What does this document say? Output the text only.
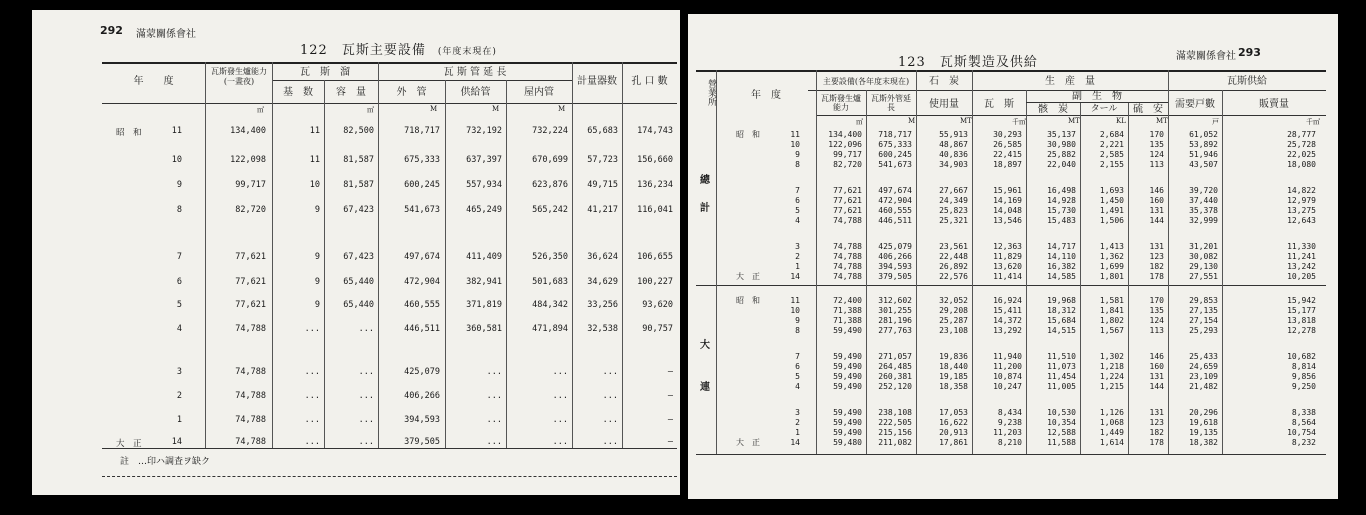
292 滿蒙關係會社
122 瓦斯主要設備 (年度末現在)
年　　度
瓦斯發生爐能力(一晝夜)
瓦　斯　溜
基　数	容　量
瓦 斯 管 延 長
外　管	供給管	屋内管
計量器数	孔 口 數
㎥	㎥	M	M	M
昭　和	11	134,400	11	82,500	718,717	732,192	732,224	65,683	174,743
10	122,098	11	81,587	675,333	637,397	670,699	57,723	156,660
9	99,717	10	81,587	600,245	557,934	623,876	49,715	136,234
8	82,720	9	67,423	541,673	465,249	565,242	41,217	116,041
7	77,621	9	67,423	497,674	411,409	526,350	36,624	106,655
6	77,621	9	65,440	472,904	382,941	501,683	34,629	100,227
5	77,621	9	65,440	460,555	371,819	484,342	33,256	93,620
4	74,788	...	...	446,511	360,581	471,894	32,538	90,757
3	74,788	...	...	425,079	...	...	...	—
2	74,788	...	...	406,266	...	...	...	—
1	74,788	...	...	394,593	...	...	...	—
大　正	14	74,788	...	...	379,505	...	...	...	—
註　…印ハ調査ヲ缺ク
123 瓦斯製造及供給	滿蒙關係會社 293
營業所	年　度
主要設備(各年度末現在)
瓦斯發生爐能力
瓦斯外管延長
石　炭
使用量
生　産　量
瓦　斯
副　生　物
骸　炭	タール	硫　安
瓦斯供給
需要戸數	販賣量
㎥	M	MT	千㎥	MT	KL	MT	戸	千㎥
總

計
大

連
昭　和	11	134,400	718,717	55,913	30,293	35,137	2,684	170	61,052	28,777
10	122,096	675,333	48,867	26,585	30,980	2,221	135	53,892	25,728
9	99,717	600,245	40,836	22,415	25,882	2,585	124	51,946	22,025
8	82,720	541,673	34,903	18,897	22,040	2,155	113	43,507	18,080
7	77,621	497,674	27,667	15,961	16,498	1,693	146	39,720	14,822
6	77,621	472,904	24,349	14,169	14,928	1,450	160	37,440	12,979
5	77,621	460,555	25,823	14,048	15,730	1,491	131	35,378	13,275
4	74,788	446,511	25,321	13,546	15,483	1,506	144	32,999	12,643
3	74,788	425,079	23,561	12,363	14,717	1,413	131	31,201	11,330
2	74,788	406,266	22,448	11,829	14,110	1,362	123	30,082	11,241
1	74,788	394,593	26,892	13,620	16,382	1,699	182	29,130	13,242
大　正	14	74,788	379,505	22,576	11,414	14,585	1,801	178	27,551	10,205
昭　和	11	72,400	312,602	32,052	16,924	19,968	1,581	170	29,853	15,942
10	71,388	301,255	29,208	15,411	18,312	1,841	135	27,135	15,177
9	71,388	281,196	25,287	14,372	15,684	1,802	124	27,154	13,818
8	59,490	277,763	23,108	13,292	14,515	1,567	113	25,293	12,278
7	59,490	271,057	19,836	11,940	11,510	1,302	146	25,433	10,682
6	59,490	264,485	18,440	11,200	11,073	1,218	160	24,659	8,814
5	59,490	260,381	19,185	10,874	11,454	1,224	131	23,109	9,856
4	59,490	252,120	18,358	10,247	11,005	1,215	144	21,482	9,250
3	59,490	238,108	17,053	8,434	10,530	1,126	131	20,296	8,338
2	59,490	222,505	16,622	9,238	10,354	1,068	123	19,618	8,564
1	59,490	215,156	20,913	11,203	12,588	1,449	182	19,135	10,754
大　正	14	59,480	211,082	17,861	8,210	11,588	1,614	178	18,382	8,232
